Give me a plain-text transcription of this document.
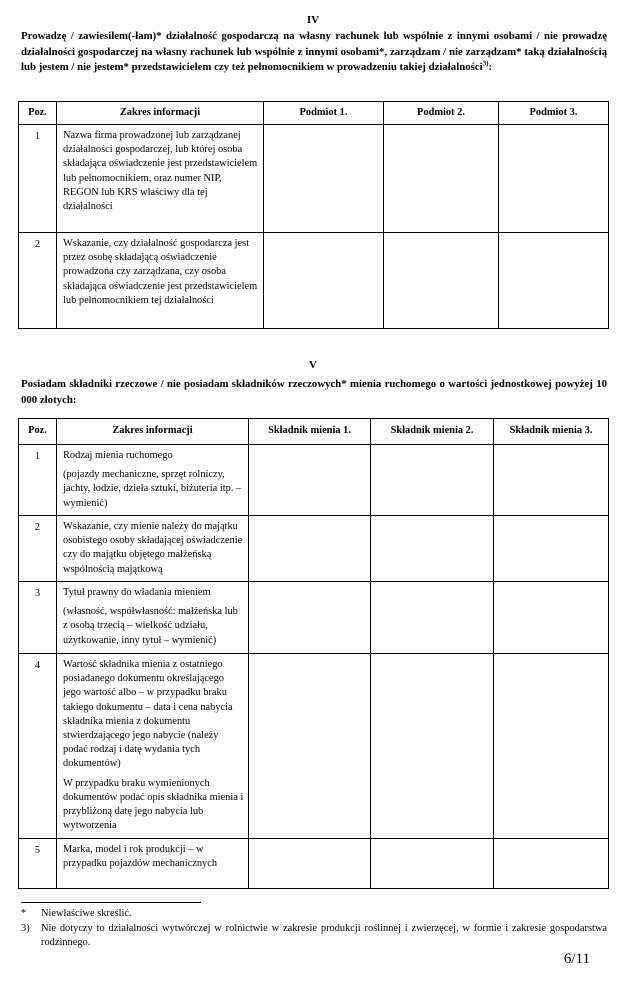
IV
Prowadzę / zawiesiłem(-łam)* działalność gospodarczą na własny rachunek lub wspólnie z innymi osobami / nie prowadzę działalności gospodarczej na własny rachunek lub wspólnie z innymi osobami*, zarządzam / nie zarządzam* taką działalnością lub jestem / nie jestem* przedstawicielem czy też pełnomocnikiem w prowadzeniu takiej działalności$^{3)}$:
Poz.	Zakres informacji	Podmiot 1.	Podmiot 2.	Podmiot 3.
1	Nazwa firma prowadzonej lub zarządzanej działalności gospodarczej, lub której osoba składająca oświadczenie jest przedstawicielem lub pełnomocnikiem, oraz numer NIP, REGON lub KRS właściwy dla tej działalności			
2	Wskazanie, czy działalność gospodarcza jest przez osobę składającą oświadczenie prowadzona czy zarządzana, czy osoba składająca oświadczenie jest przedstawicielem lub pełnomocnikiem tej działalności			
V
Posiadam składniki rzeczowe / nie posiadam składników rzeczowych* mienia ruchomego o wartości jednostkowej powyżej 10 000 złotych:
Poz.	Zakres informacji	Składnik mienia 1.	Składnik mienia 2.	Składnik mienia 3.
1	Rodzaj mienia ruchomego
(pojazdy mechaniczne, sprzęt rolniczy, jachty, łodzie, dzieła sztuki, biżuteria itp. – wymienić)			

2	Wskazanie, czy mienie należy do majątku osobistego osoby składającej oświadczenie czy do majątku objętego małżeńską wspólnością majątkową			
3	Tytuł prawny do władania mieniem
(własność, współwłasność: małżeńska lub z osobą trzecią – wielkość udziału, użytkowanie, inny tytuł – wymienić)			

4	Wartość składnika mienia z ostatniego posiadanego dokumentu określającego jego wartość albo – w przypadku braku takiego dokumentu – data i cena nabycia składnika mienia z dokumentu stwierdzającego jego nabycie (należy podać rodzaj i datę wydania tych dokumentów)
W przypadku braku wymienionych dokumentów podać opis składnika mienia i przybliżoną datę jego nabycia lub wytworzenia			

5	Marka, model i rok produkcji – w przypadku pojazdów mechanicznych			
* Niewłaściwe skreślić.
3) Nie dotyczy to działalności wytwórczej w rolnictwie w zakresie produkcji roślinnej i zwierzęcej, w formie i zakresie gospodarstwa rodzinnego.
6/11
